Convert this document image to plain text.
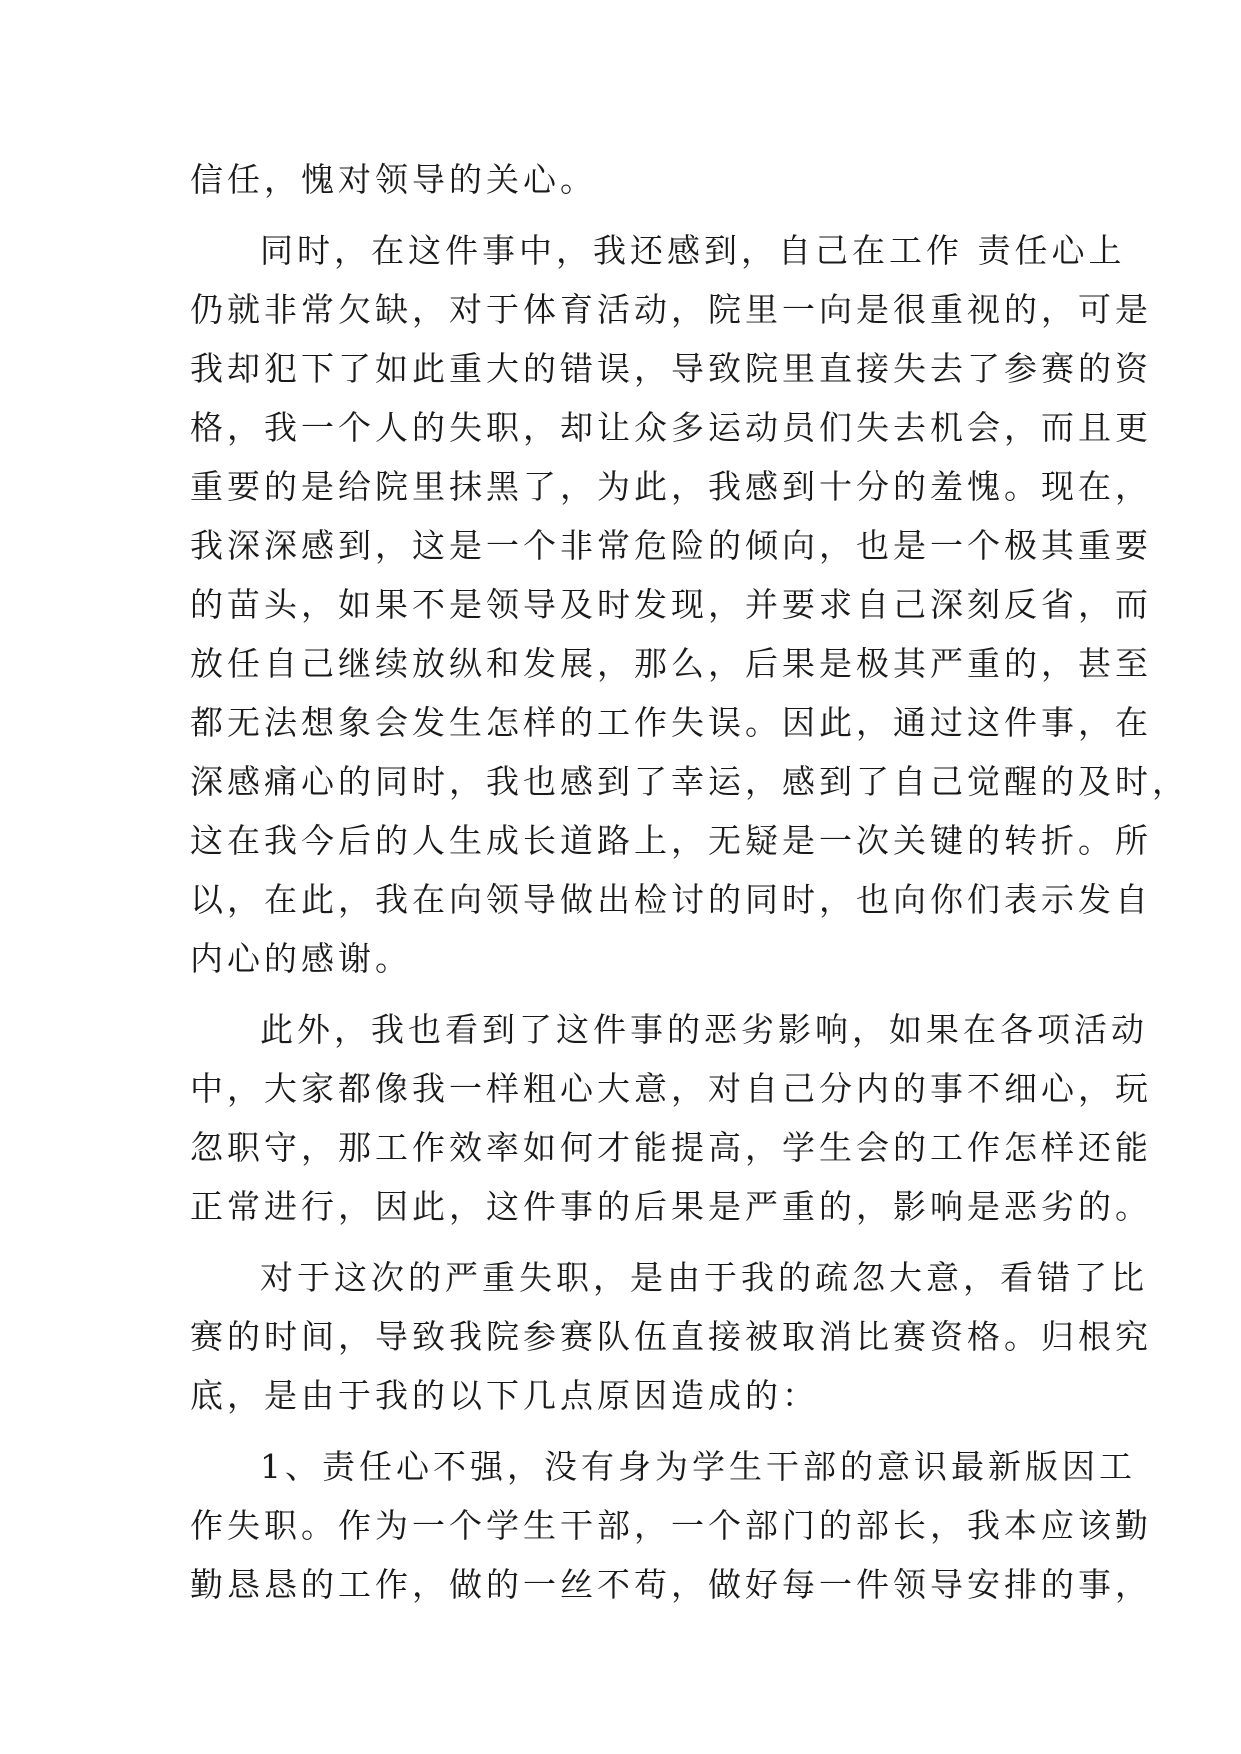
信任，愧对领导的关心。
同时，在这件事中，我还感到，自己在工作 责任心上
仍就非常欠缺，对于体育活动，院里一向是很重视的，可是
我却犯下了如此重大的错误，导致院里直接失去了参赛的资
格，我一个人的失职，却让众多运动员们失去机会，而且更
重要的是给院里抹黑了，为此，我感到十分的羞愧。现在，
我深深感到，这是一个非常危险的倾向，也是一个极其重要
的苗头，如果不是领导及时发现，并要求自己深刻反省，而
放任自己继续放纵和发展，那么，后果是极其严重的，甚至
都无法想象会发生怎样的工作失误。因此，通过这件事，在
深感痛心的同时，我也感到了幸运，感到了自己觉醒的及时，
这在我今后的人生成长道路上，无疑是一次关键的转折。所
以，在此，我在向领导做出检讨的同时，也向你们表示发自
内心的感谢。
此外，我也看到了这件事的恶劣影响，如果在各项活动
中，大家都像我一样粗心大意，对自己分内的事不细心，玩
忽职守，那工作效率如何才能提高，学生会的工作怎样还能
正常进行，因此，这件事的后果是严重的，影响是恶劣的。
对于这次的严重失职，是由于我的疏忽大意，看错了比
赛的时间，导致我院参赛队伍直接被取消比赛资格。归根究
底，是由于我的以下几点原因造成的：
1、责任心不强，没有身为学生干部的意识最新版因工
作失职。作为一个学生干部，一个部门的部长，我本应该勤
勤恳恳的工作，做的一丝不苟，做好每一件领导安排的事，
